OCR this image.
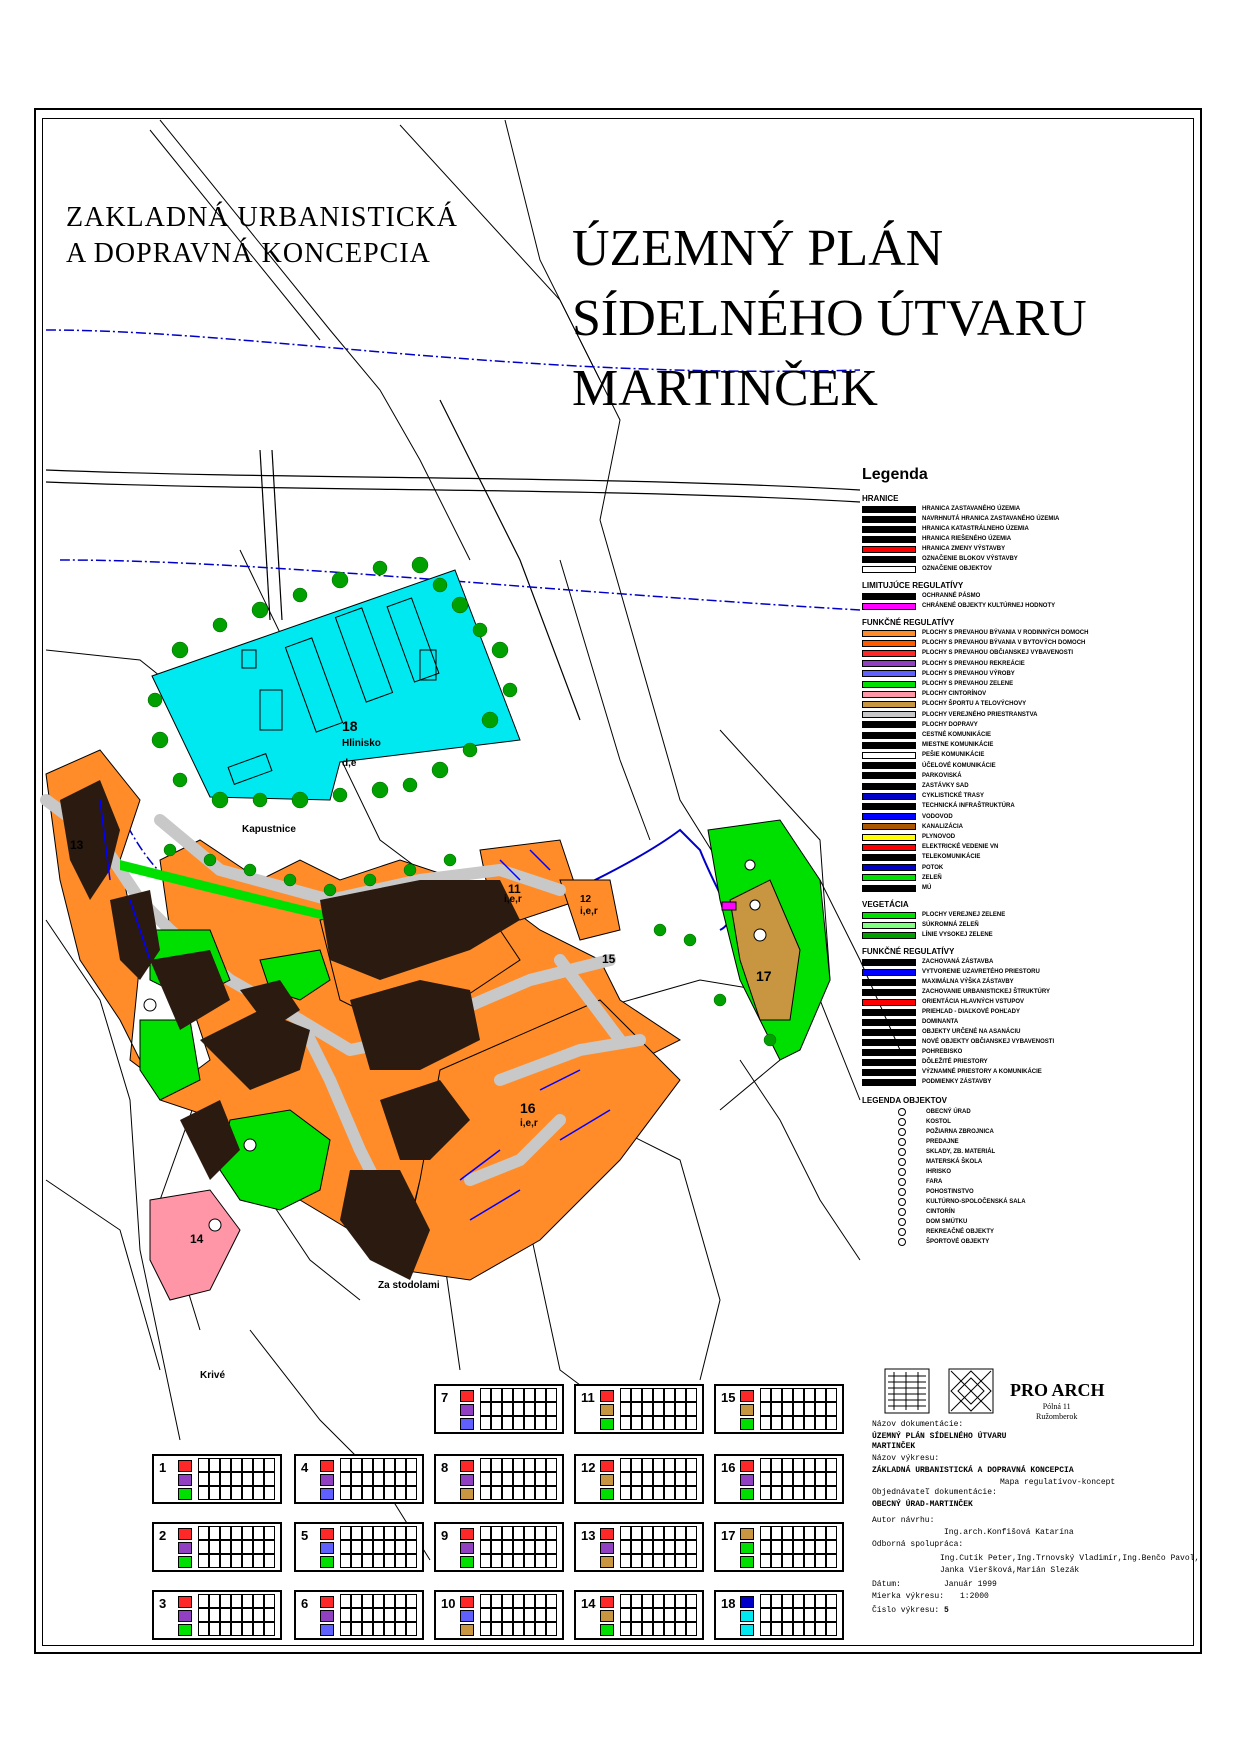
ZAKLADNÁ URBANISTICKÁ
A DOPRAVNÁ KONCEPCIA	ÚZEMNÝ PLÁN
SÍDELNÉHO ÚTVARU
MARTINČEK
Hlinisko
Kapustnice
Za stodolami
Krivé
18
d,e
16
i,e,r
11
i,e,r	12
i,e,r
13
14
15
17
Legenda
HRANICE
HRANICA ZASTAVANÉHO ÚZEMIA
NAVRHNUTÁ HRANICA ZASTAVANÉHO ÚZEMIA
HRANICA KATASTRÁLNEHO ÚZEMIA
HRANICA RIEŠENÉHO ÚZEMIA
HRANICA ZMENY VÝSTAVBY
OZNAČENIE BLOKOV VÝSTAVBY
OZNAČENIE OBJEKTOV
LIMITUJÚCE REGULATÍVY
OCHRANNÉ PÁSMO
CHRÁNENÉ OBJEKTY KULTÚRNEJ HODNOTY
FUNKČNÉ REGULATÍVY
PLOCHY S PREVAHOU BÝVANIA V RODINNÝCH DOMOCH
PLOCHY S PREVAHOU BÝVANIA V BYTOVÝCH DOMOCH
PLOCHY S PREVAHOU OBČIANSKEJ VYBAVENOSTI
PLOCHY S PREVAHOU REKREÁCIE
PLOCHY S PREVAHOU VÝROBY
PLOCHY S PREVAHOU ZELENE
PLOCHY CINTORÍNOV
PLOCHY ŠPORTU A TELOVÝCHOVY
PLOCHY VEREJNÉHO PRIESTRANSTVA
PLOCHY DOPRAVY
CESTNÉ KOMUNIKÁCIE
MIESTNE KOMUNIKÁCIE
PEŠIE KOMUNIKÁCIE
ÚČELOVÉ KOMUNIKÁCIE
PARKOVISKÁ
ZASTÁVKY SAD
CYKLISTICKÉ TRASY
TECHNICKÁ INFRAŠTRUKTÚRA
VODOVOD
KANALIZÁCIA
PLYNOVOD
ELEKTRICKÉ VEDENIE VN
TELEKOMUNIKÁCIE
POTOK
ZELEŇ
MÚ
VEGETÁCIA
PLOCHY VEREJNEJ ZELENE
SÚKROMNÁ ZELEŇ
LÍNIE VYSOKEJ ZELENE
FUNKČNÉ REGULATÍVY
ZACHOVANÁ ZÁSTAVBA
VYTVORENIE UZAVRETÉHO PRIESTORU
MAXIMÁLNA VÝŠKA ZÁSTAVBY
ZACHOVANIE URBANISTICKEJ ŠTRUKTÚRY
ORIENTÁCIA HLAVNÝCH VSTUPOV
PRIEHĽAD - DIAĽKOVÉ POHĽADY
DOMINANTA
OBJEKTY URČENÉ NA ASANÁCIU
NOVÉ OBJEKTY OBČIANSKEJ VYBAVENOSTI
POHREBISKO
DÔLEŽITÉ PRIESTORY
VÝZNAMNÉ PRIESTORY A KOMUNIKÁCIE
PODMIENKY ZÁSTAVBY
LEGENDA OBJEKTOV
OBECNÝ ÚRAD
KOSTOL
POŽIARNA ZBROJNICA
PREDAJNE
SKLADY, ZB. MATERIÁL
MATERSKÁ ŠKOLA
IHRISKO
FARA
POHOSTINSTVO
KULTÚRNO-SPOLOČENSKÁ SALA
CINTORÍN
DOM SMÚTKU
REKREAČNÉ OBJEKTY
ŠPORTOVÉ OBJEKTY
PRO ARCH
Pólná 11
Ružomberok
Názov dokumentácie:
ÚZEMNÝ PLÁN SÍDELNÉHO ÚTVARU
MARTINČEK
Názov výkresu:
ZÁKLADNÁ URBANISTICKÁ A DOPRAVNÁ KONCEPCIA
Mapa regulatívov-koncept
Objednávateľ dokumentácie:
OBECNÝ ÚRAD-MARTINČEK
Autor návrhu:
Ing.arch.Konfišová Katarína
Odborná spolupráca:
Ing.Cutík Peter,Ing.Trnovský Vladimír,Ing.Benčo Pavol,
Janka Vieršková,Marián Slezák
Dátum:	Január 1999
Mierka výkresu: 1:2000
Číslo výkresu: 5
1
2
3
4
5
6
7
8
9
10
11
12
13
14
15
16
17
18
